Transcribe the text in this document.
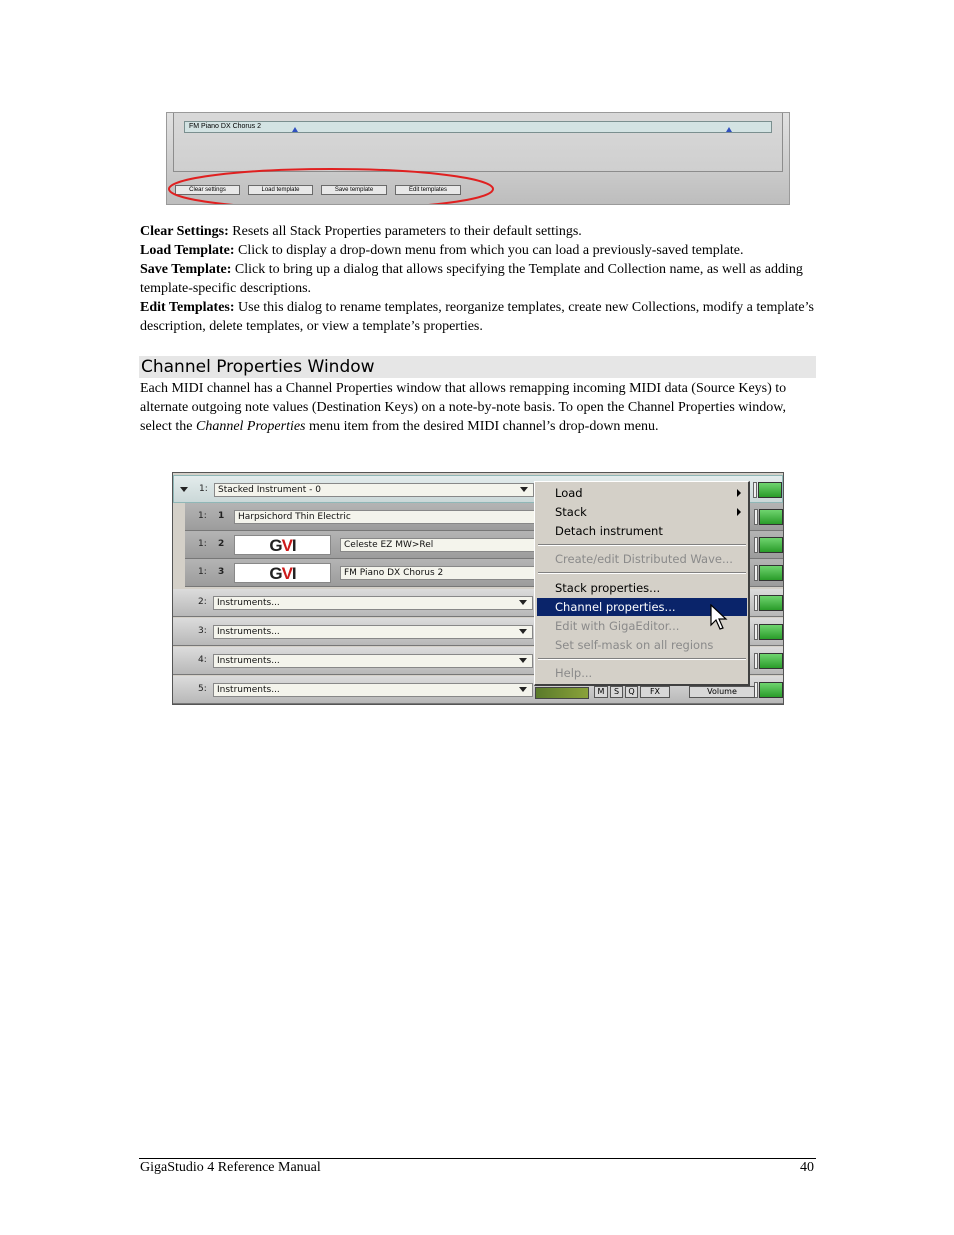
FM Piano DX Chorus 2
Clear settings	Load template	Save template	Edit templates
Clear Settings: Resets all Stack Properties parameters to their default settings.
Load Template: Click to display a drop-down menu from which you can load a previously-saved template.
Save Template: Click to bring up a dialog that allows specifying the Template and Collection name, as well as adding template-specific descriptions.
Edit Templates: Use this dialog to rename templates, reorganize templates, create new Collections, modify a template’s description, delete templates, or view a template’s properties.
Channel Properties Window
Each MIDI channel has a Channel Properties window that allows remapping incoming MIDI data (Source Keys) to alternate outgoing note values (Destination Keys) on a note-by-note basis. To open the Channel Properties window, select the Channel Properties menu item from the desired MIDI channel’s drop-down menu.
1:	Stacked Instrument - 0
1: 1	Harpsichord Thin Electric
1: 2	GVI	Celeste EZ MW>Rel
1: 3	GVI	FM Piano DX Chorus 2
2:	Instruments...
3:	Instruments...
4:	Instruments...
5:	Instruments...	M	S	Q	FX	Volume
Load
Stack
Detach instrument
Create/edit Distributed Wave...
Stack properties...
Channel properties...
Edit with GigaEditor...
Set self-mask on all regions
Help...
GigaStudio 4 Reference Manual	40
